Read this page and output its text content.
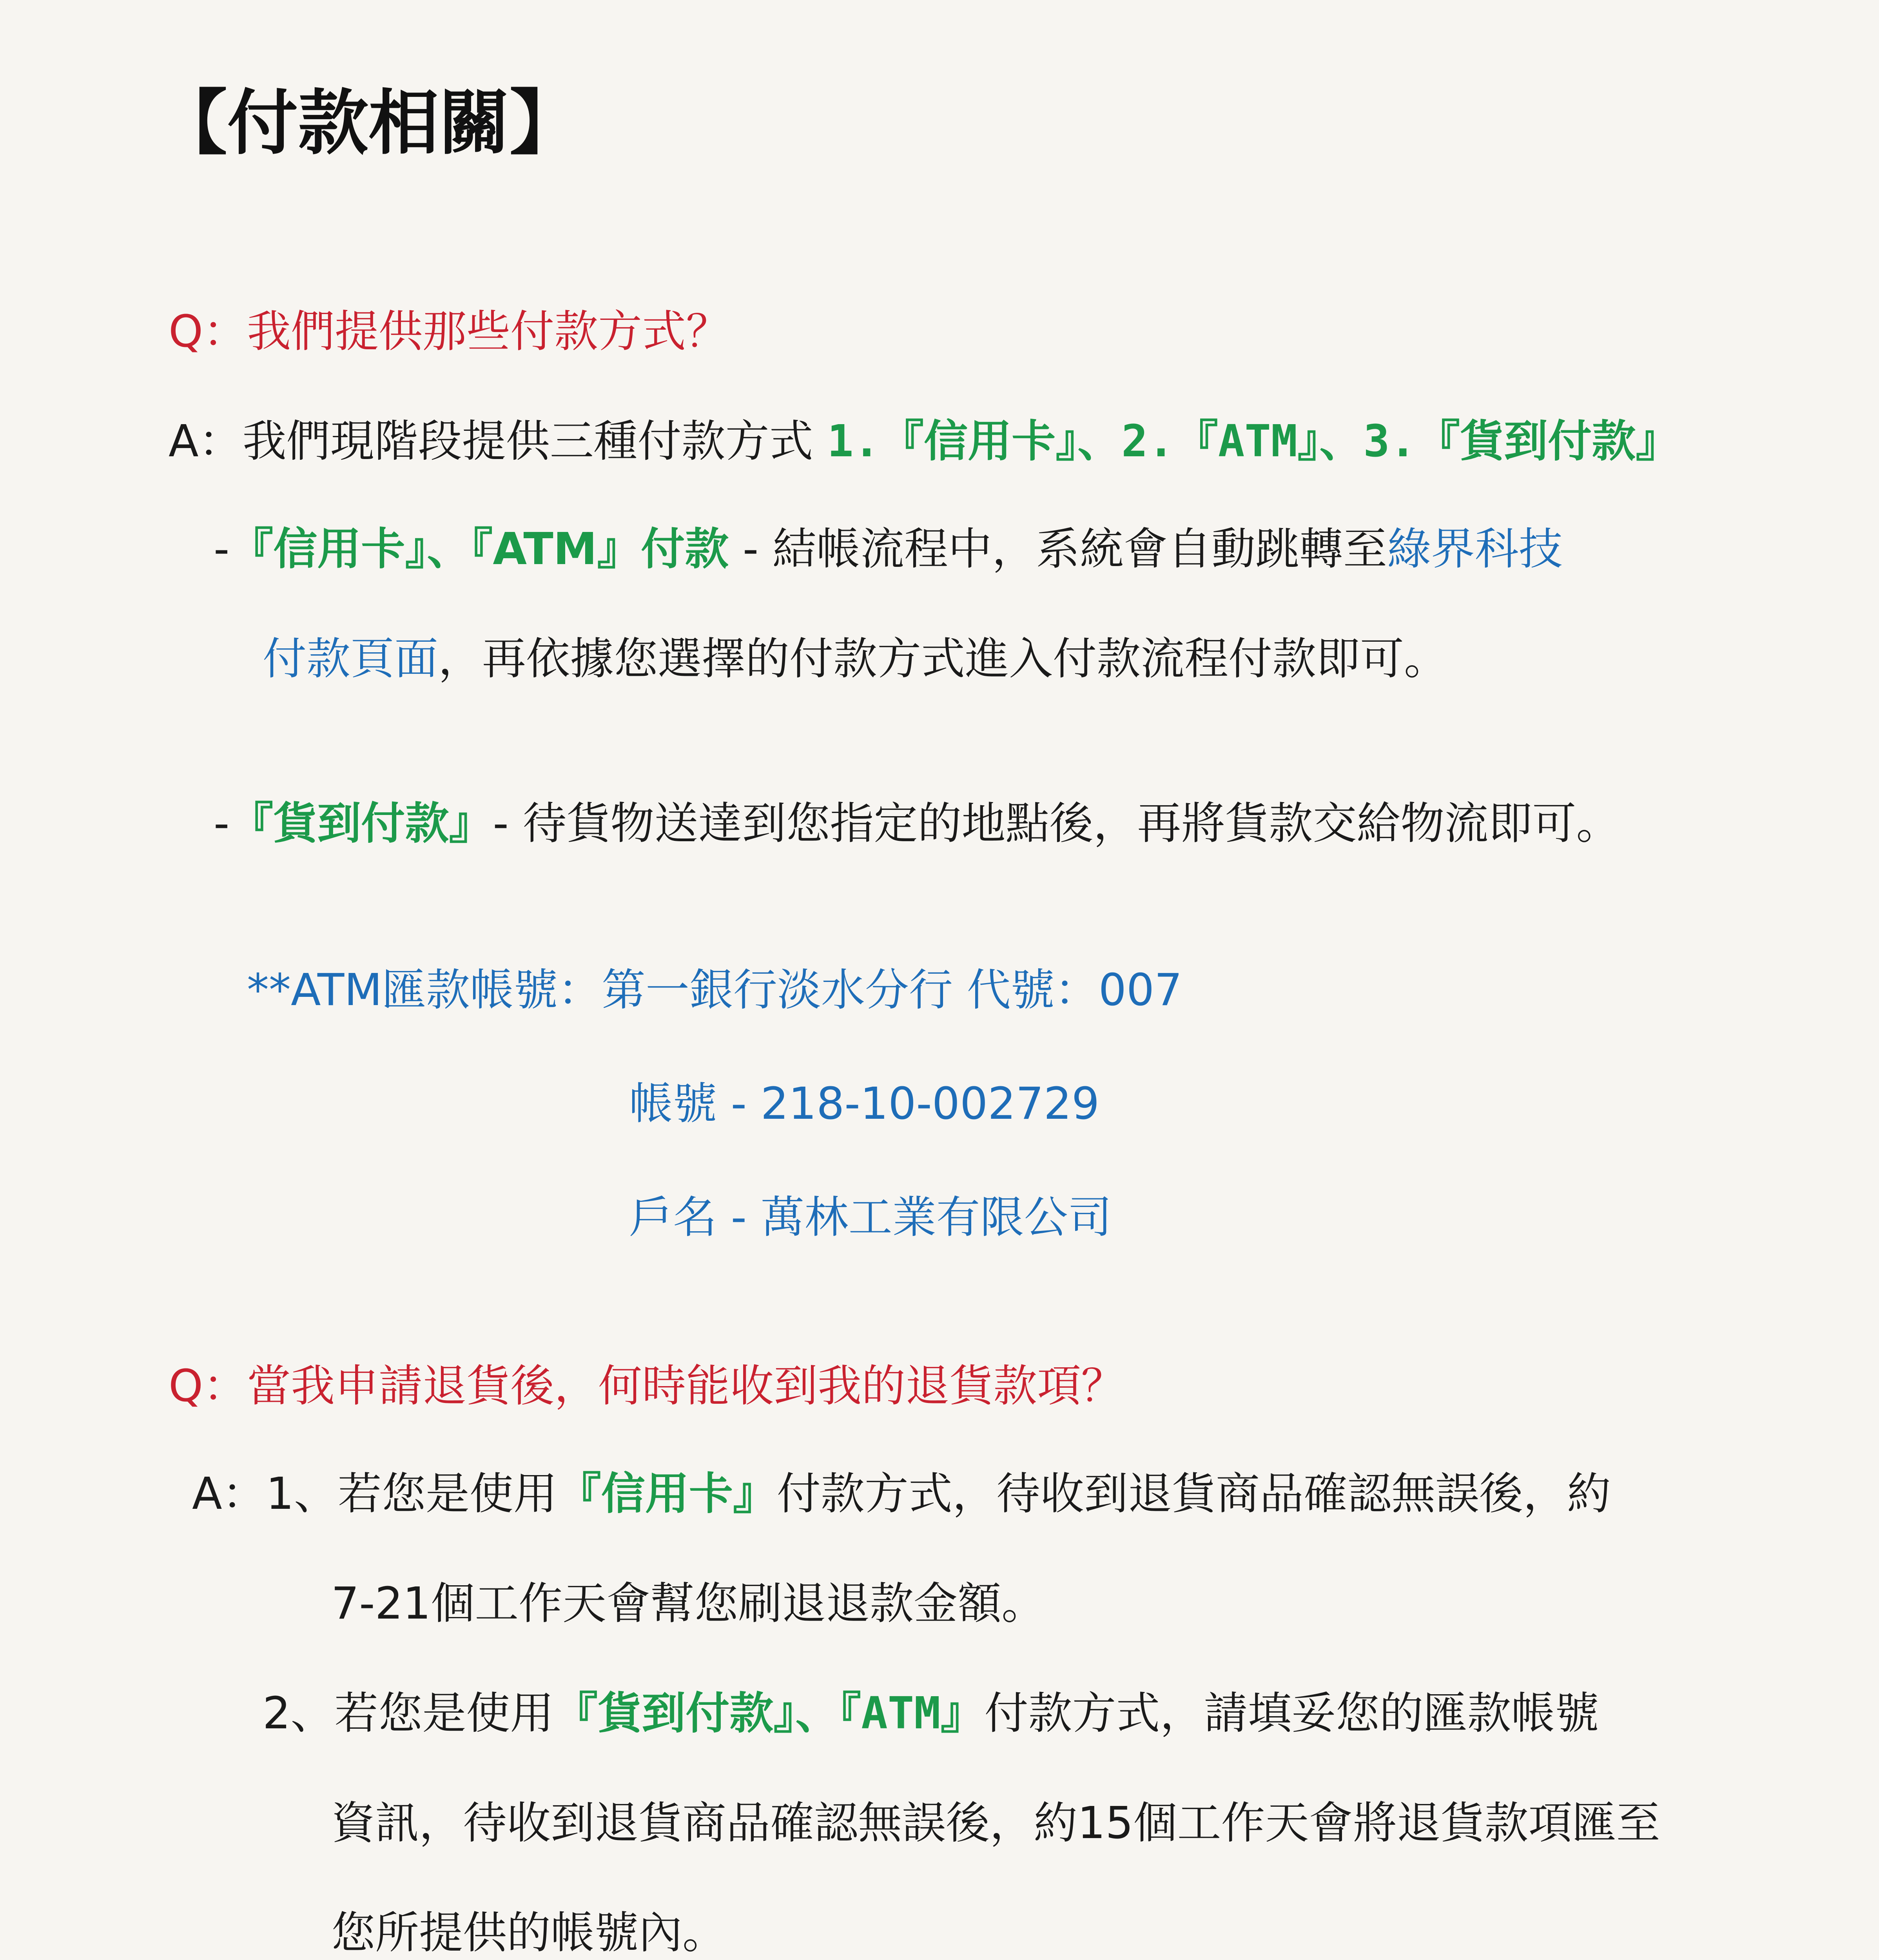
【付款相關】
Q：我們提供那些付款方式？
A：我們現階段提供三種付款方式 1.『信用卡』、2.『ATM』、3.『貨到付款』
-『信用卡』、『ATM』付款 - 結帳流程中，系統會自動跳轉至綠界科技
付款頁面，再依據您選擇的付款方式進入付款流程付款即可。
-『貨到付款』- 待貨物送達到您指定的地點後，再將貨款交給物流即可。
**ATM匯款帳號：第一銀行淡水分行 代號：007
帳號 - 218-10-002729
戶名 - 萬林工業有限公司
Q：當我申請退貨後，何時能收到我的退貨款項？
A：1、若您是使用『信用卡』付款方式，待收到退貨商品確認無誤後，約
7-21個工作天會幫您刷退退款金額。
2、若您是使用『貨到付款』、『ATM』付款方式，請填妥您的匯款帳號
資訊，待收到退貨商品確認無誤後，約15個工作天會將退貨款項匯至
您所提供的帳號內。
